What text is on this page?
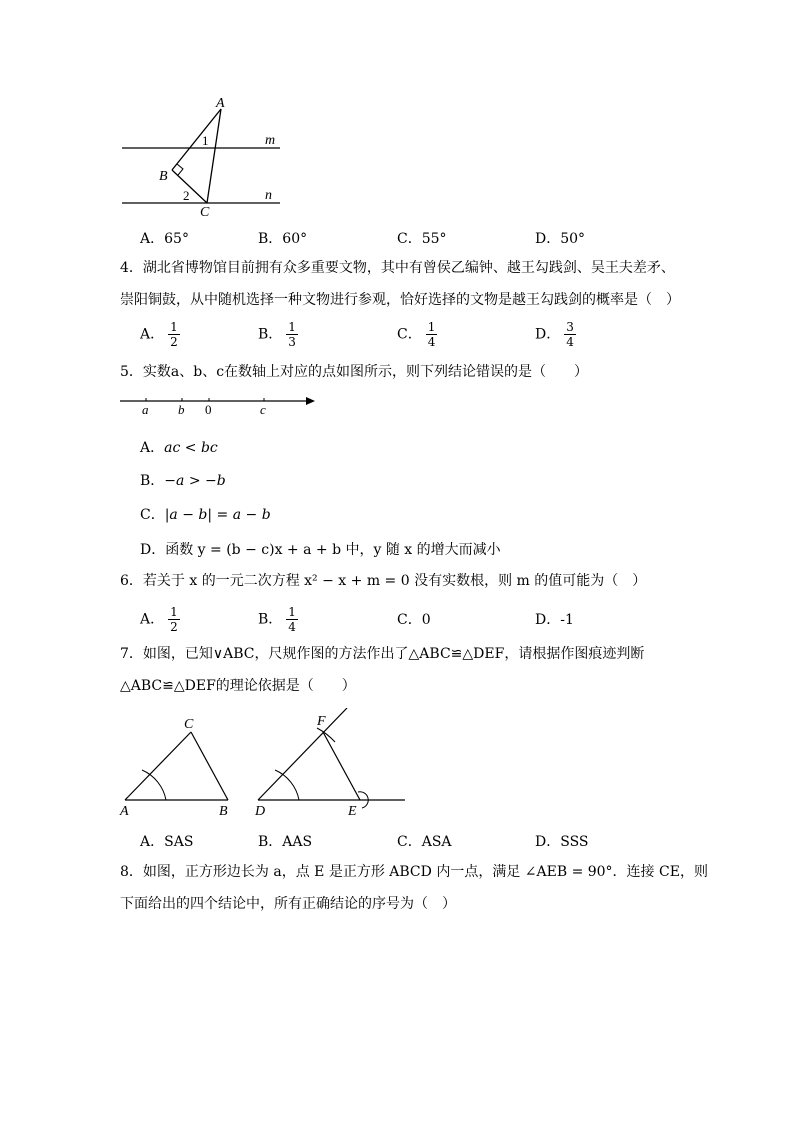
A
1	m
B
2	n
C
A．65°	B．60°	C．55°	D．50°
4．湖北省博物馆目前拥有众多重要文物，其中有曾侯乙编钟、越王勾践剑、吴王夫差矛、
崇阳铜鼓，从中随机选择一种文物进行参观，恰好选择的文物是越王勾践剑的概率是（　）
A． $\frac{1}{2}$	B． $\frac{1}{3}$	C． $\frac{1}{4}$	D． $\frac{3}{4}$
5．实数a、b、c在数轴上对应的点如图所示，则下列结论错误的是（　　）
a b 0	c
A．ac < bc
B．−a > −b
C．|a − b| = a − b
D．函数 y = (b − c)x + a + b 中，y 随 x 的增大而减小
6．若关于 x 的一元二次方程 x² − x + m = 0 没有实数根，则 m 的值可能为（　）
A． $\frac{1}{2}$	B． $\frac{1}{4}$	C．0	D．-1
7．如图，已知∨ABC，尺规作图的方法作出了△ABC≌△DEF，请根据作图痕迹判断
△ABC≌△DEF的理论依据是（　　）
C
A	B
F
D	E
A．SAS	B．AAS	C．ASA	D．SSS
8．如图，正方形边长为 a，点 E 是正方形 ABCD 内一点，满足 ∠AEB = 90°．连接 CE，则
下面给出的四个结论中，所有正确结论的序号为（　）
